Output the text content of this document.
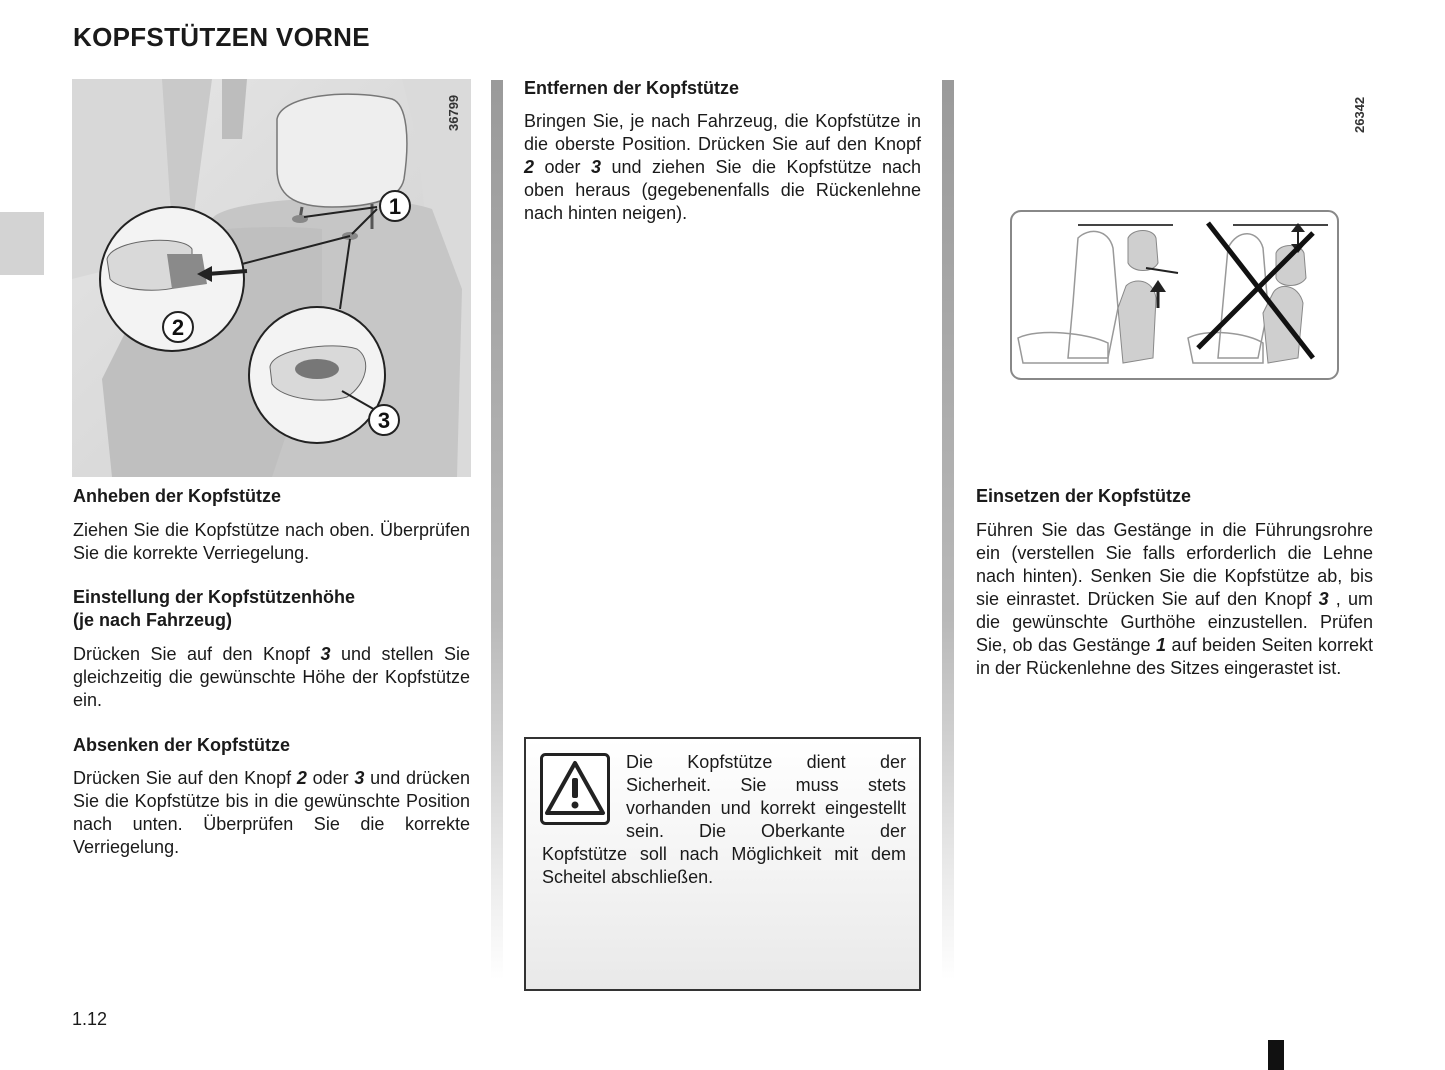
KOPFSTÜTZEN VORNE
1
2
3
36799	26342

Anheben der Kopfstütze

Ziehen Sie die Kopfstütze nach oben. Überprüfen Sie die korrekte Verriegelung.

Einstellung der Kopfstützenhöhe
(je nach Fahrzeug)

Drücken Sie auf den Knopf 3 und stellen Sie gleichzeitig die gewünschte Höhe der Kopfstütze ein.

Absenken der Kopfstütze

Drücken Sie auf den Knopf 2 oder 3 und drücken Sie die Kopfstütze bis in die gewünschte Position nach unten. Überprüfen Sie die korrekte Verriegelung.

Entfernen der Kopfstütze

Bringen Sie, je nach Fahrzeug, die Kopfstütze in die oberste Position. Drücken Sie auf den Knopf 2 oder 3 und ziehen Sie die Kopfstütze nach oben heraus (gegebenenfalls die Rückenlehne nach hinten neigen).

Die Kopfstütze dient der Sicherheit. Sie muss stets vorhanden und korrekt eingestellt sein. Die Oberkante der Kopfstütze soll nach Möglichkeit mit dem Scheitel abschließen.

Einsetzen der Kopfstütze

Führen Sie das Gestänge in die Führungsrohre ein (verstellen Sie falls erforderlich die Lehne nach hinten). Senken Sie die Kopfstütze ab, bis sie einrastet. Drücken Sie auf den Knopf 3 , um die gewünschte Gurthöhe einzustellen. Prüfen Sie, ob das Gestänge 1 auf beiden Seiten korrekt in der Rückenlehne des Sitzes eingerastet ist.

1.12
